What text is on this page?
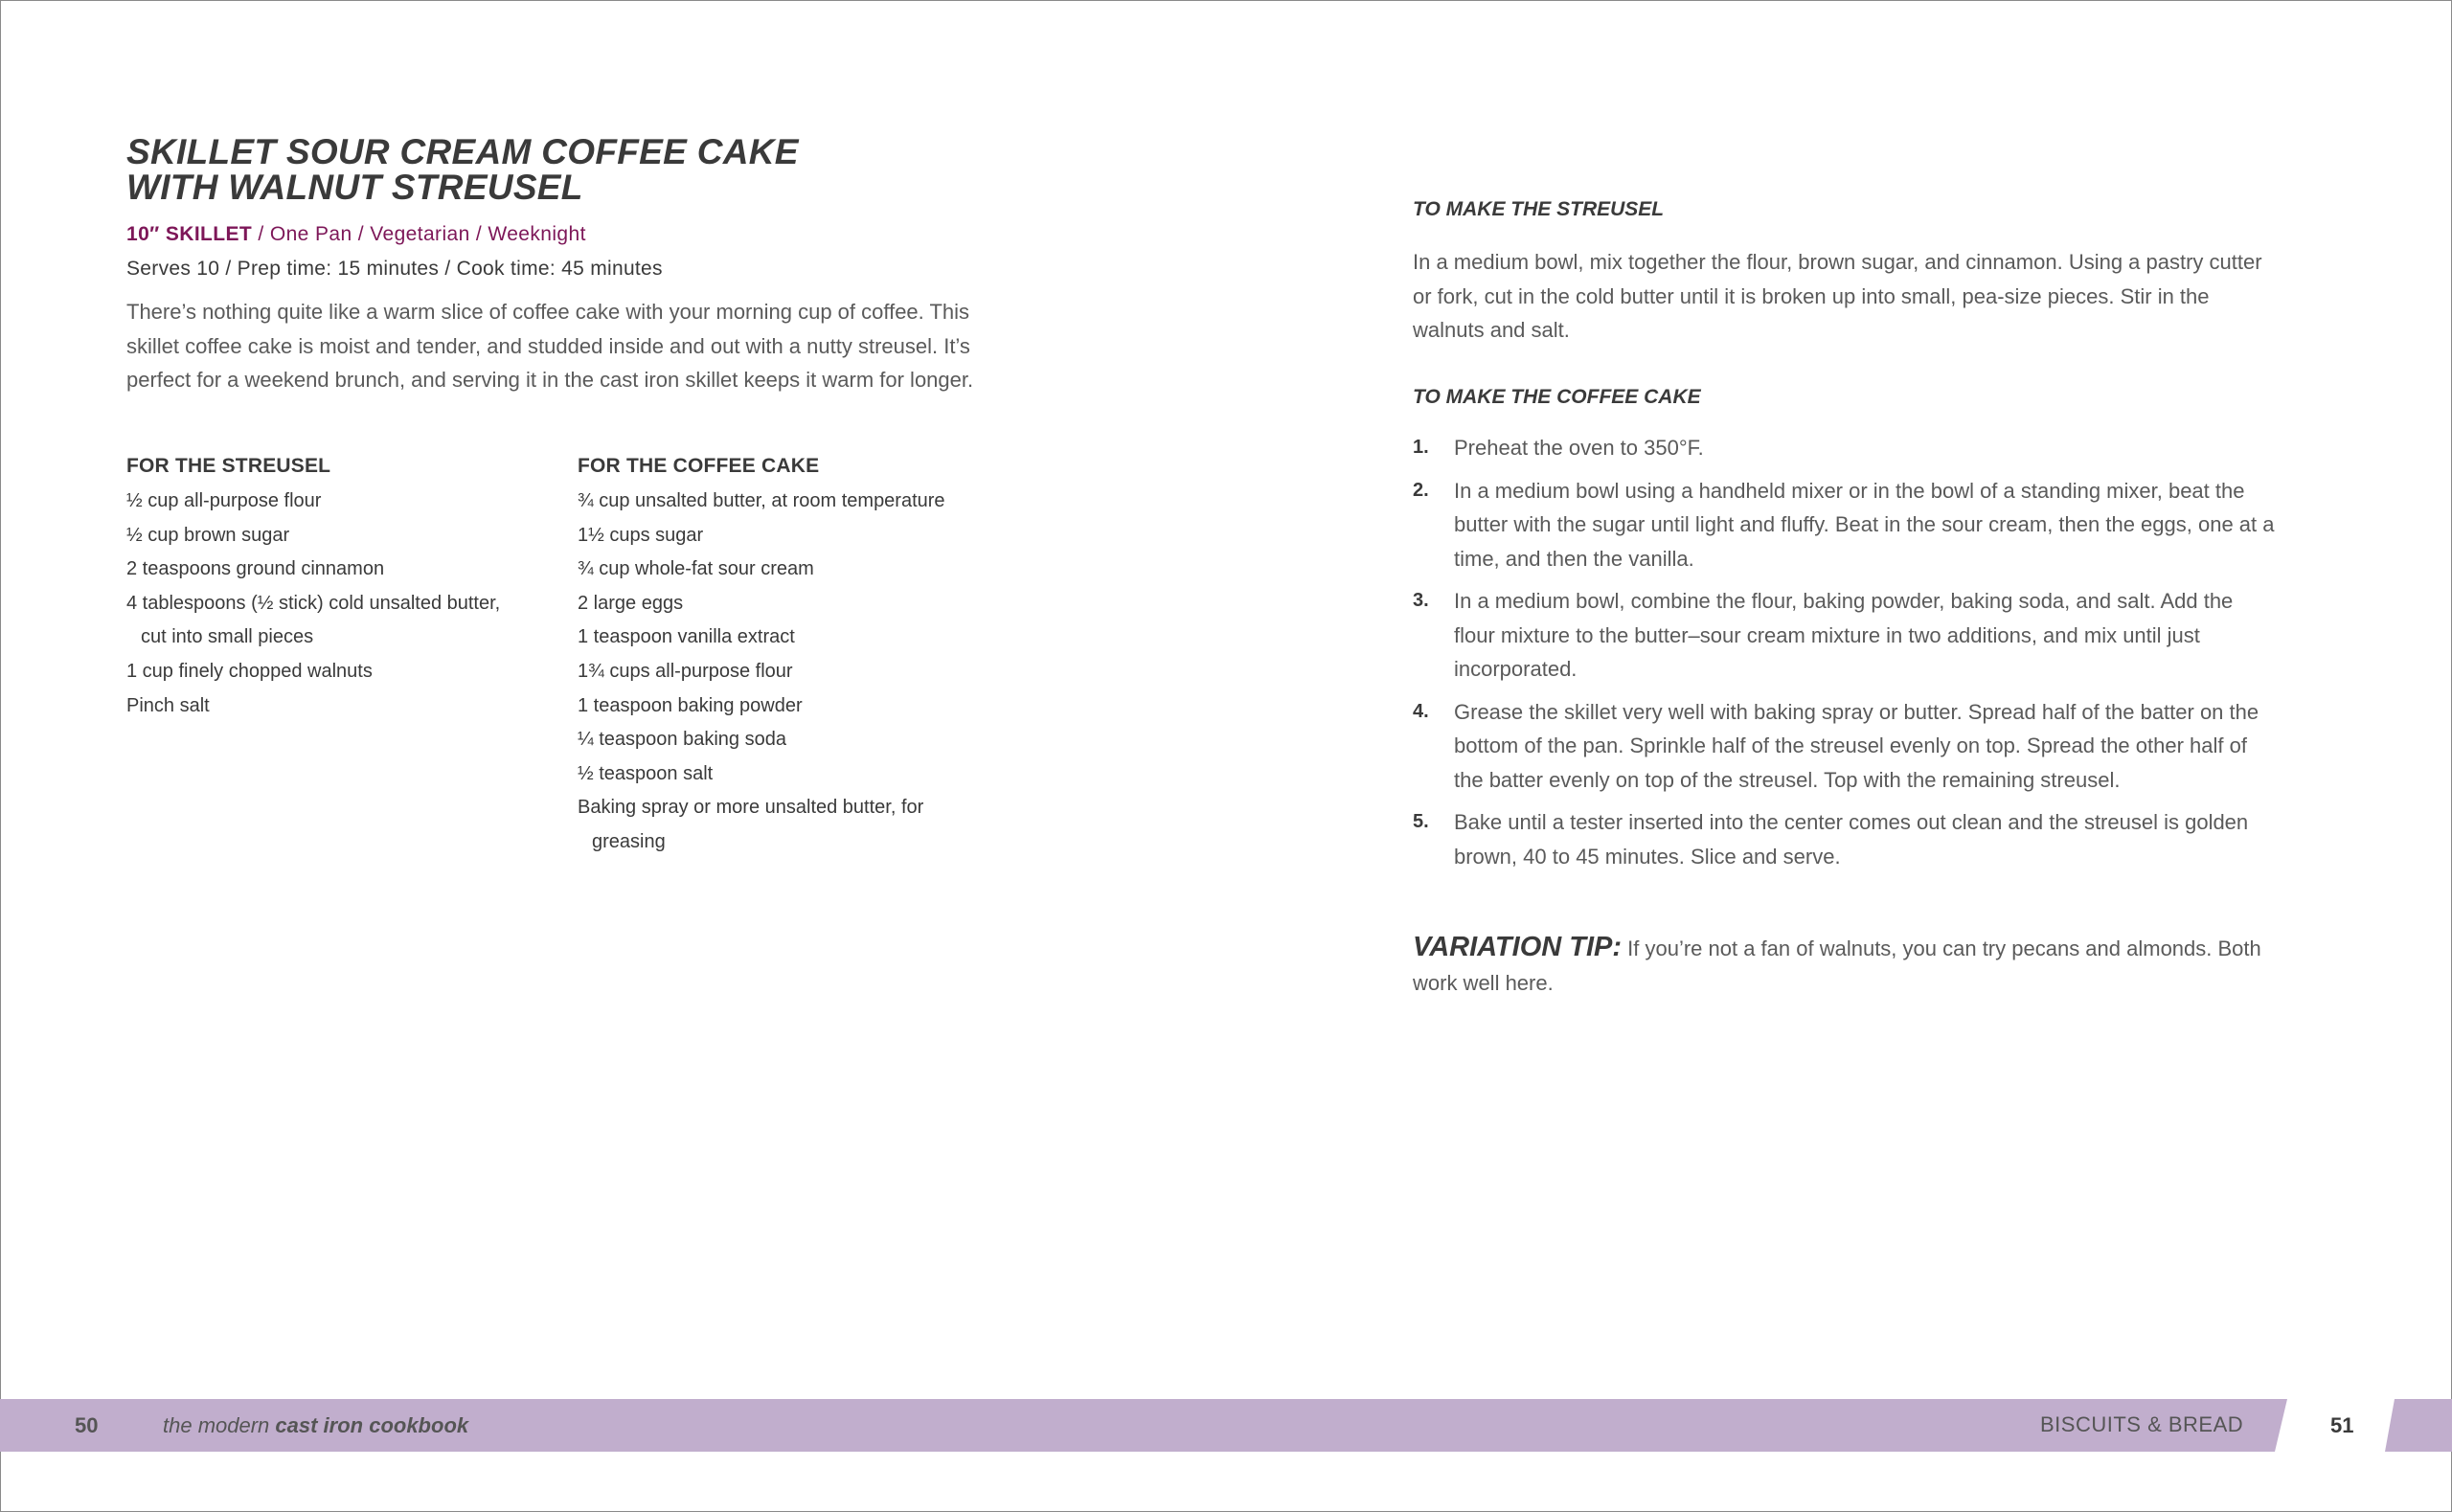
SKILLET SOUR CREAM COFFEE CAKE
WITH WALNUT STREUSEL
10″ SKILLET / One Pan / Vegetarian / Weeknight
Serves 10 / Prep time: 15 minutes / Cook time: 45 minutes

There’s nothing quite like a warm slice of coffee cake with your morning cup of coffee. This skillet coffee cake is moist and tender, and studded inside and out with a nutty streusel. It’s perfect for a weekend brunch, and serving it in the cast iron skillet keeps it warm for longer.

FOR THE STREUSEL
½ cup all-purpose flour
½ cup brown sugar
2 teaspoons ground cinnamon
4 tablespoons (½ stick) cold unsalted butter, cut into small pieces
1 cup finely chopped walnuts
Pinch salt
FOR THE COFFEE CAKE
¾ cup unsalted butter, at room temperature
1½ cups sugar
¾ cup whole-fat sour cream
2 large eggs
1 teaspoon vanilla extract
1¾ cups all-purpose flour
1 teaspoon baking powder
¼ teaspoon baking soda
½ teaspoon salt
Baking spray or more unsalted butter, for greasing
TO MAKE THE STREUSEL

In a medium bowl, mix together the flour, brown sugar, and cinnamon. Using a pastry cutter or fork, cut in the cold butter until it is broken up into small, pea-size pieces. Stir in the walnuts and salt.

TO MAKE THE COFFEE CAKE
1.	Preheat the oven to 350°F.
2.	In a medium bowl using a handheld mixer or in the bowl of a standing mixer, beat the butter with the sugar until light and fluffy. Beat in the sour cream, then the eggs, one at a time, and then the vanilla.
3.	In a medium bowl, combine the flour, baking powder, baking soda, and salt. Add the flour mixture to the butter–sour cream mixture in two additions, and mix until just incorporated.
4.	Grease the skillet very well with baking spray or butter. Spread half of the batter on the bottom of the pan. Sprinkle half of the streusel evenly on top. Spread the other half of the batter evenly on top of the streusel. Top with the remaining streusel.
5.	Bake until a tester inserted into the center comes out clean and the streusel is golden brown, 40 to 45 minutes. Slice and serve.

VARIATION TIP: If you’re not a fan of walnuts, you can try pecans and almonds. Both work well here.

50	the modern cast iron cookbook	BISCUITS & BREAD	51
